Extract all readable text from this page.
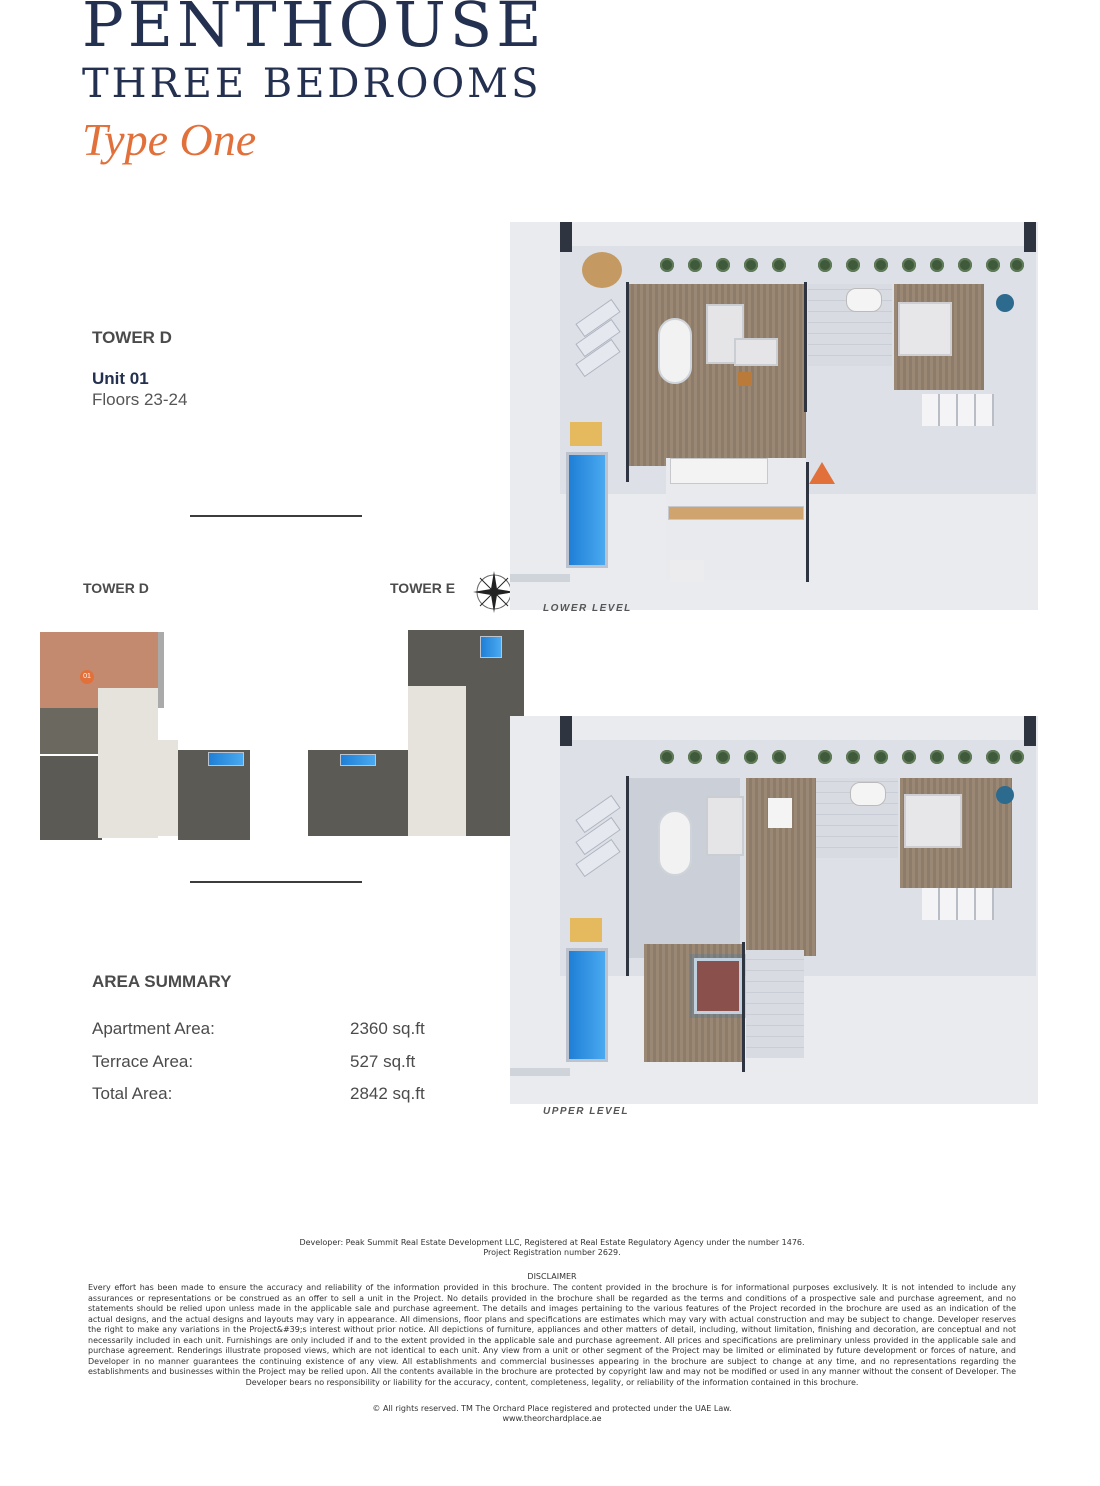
PENTHOUSE
THREE BEDROOMS
Type One
TOWER D
Unit 01
Floors 23-24
TOWER D	TOWER E
01
AREA SUMMARY
Apartment Area:	2360 sq.ft
Terrace Area:	527 sq.ft
Total Area:	2842 sq.ft
LOWER LEVEL
UPPER LEVEL
Developer: Peak Summit Real Estate Development LLC, Registered at Real Estate Regulatory Agency under the number 1476.
Project Registration number 2629.
DISCLAIMER
Every effort has been made to ensure the accuracy and reliability of the information provided in this brochure. The content provided in the brochure is for informational purposes exclusively. It is not intended to include any assurances or representations or be construed as an offer to sell a unit in the Project. No details provided in the brochure shall be regarded as the terms and conditions of a prospective sale and purchase agreement, and no statements should be relied upon unless made in the applicable sale and purchase agreement. The details and images pertaining to the various features of the Project recorded in the brochure are used as an indication of the actual designs, and the actual designs and layouts may vary in appearance. All dimensions, floor plans and specifications are estimates which may vary with actual construction and may be subject to change. Developer reserves the right to make any variations in the Project&#39;s interest without prior notice. All depictions of furniture, appliances and other matters of detail, including, without limitation, finishing and decoration, are conceptual and not necessarily included in each unit. Furnishings are only included if and to the extent provided in the applicable sale and purchase agreement. All prices and specifications are preliminary unless provided in the applicable sale and purchase agreement. Renderings illustrate proposed views, which are not identical to each unit. Any view from a unit or other segment of the Project may be limited or eliminated by future development or forces of nature, and Developer in no manner guarantees the continuing existence of any view. All establishments and commercial businesses appearing in the brochure are subject to change at any time, and no representations regarding the establishments and businesses within the Project may be relied upon. All the contents available in the brochure are protected by copyright law and may not be modified or used in any manner without the consent of Developer. The Developer bears no responsibility or liability for the accuracy, content, completeness, legality, or reliability of the information contained in this brochure.
© All rights reserved. TM The Orchard Place registered and protected under the UAE Law.
www.theorchardplace.ae
